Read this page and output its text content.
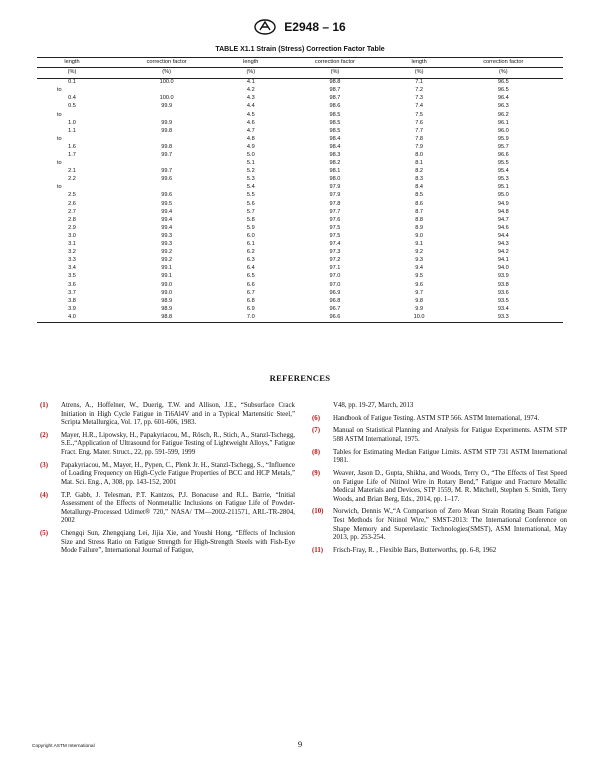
E2948 – 16
TABLE X1.1 Strain (Stress) Correction Factor Table
length	correction factor	length	correction factor	length	correction factor
(%)	(%)	(%)	(%)	(%)	(%)
0.1	100.0	4.1	98.8	7.1	96.5
to		4.2	98.7	7.2	96.5
0.4	100.0	4.3	98.7	7.3	96.4
0.5	99.9	4.4	98.6	7.4	96.3
to		4.5	98.5	7.5	96.2
1.0	99.9	4.6	98.5	7.6	96.1
1.1	99.8	4.7	98.5	7.7	96.0
to		4.8	98.4	7.8	95.9
1.6	99.8	4.9	98.4	7.9	95.7
1.7	99.7	5.0	98.3	8.0	96.6
to		5.1	98.2	8.1	95.5
2.1	99.7	5.2	98.1	8.2	95.4
2.2	99.6	5.3	98.0	8.3	95.3
to		5.4	97.9	8.4	95.1
2.5	99.6	5.5	97.9	8.5	95.0
2.6	99.5	5.6	97.8	8.6	94.9
2.7	99.4	5.7	97.7	8.7	94.8
2.8	99.4	5.8	97.6	8.8	94.7
2.9	99.4	5.9	97.5	8.9	94.6
3.0	99.3	6.0	97.5	9.0	94.4
3.1	99.3	6.1	97.4	9.1	94.3
3.2	99.2	6.2	97.3	9.2	94.2
3.3	99.2	6.3	97.2	9.3	94.1
3.4	99.1	6.4	97.1	9.4	94.0
3.5	99.1	6.5	97.0	9.5	93.9
3.6	99.0	6.6	97.0	9.6	93.8
3.7	99.0	6.7	96.9	9.7	93.6
3.8	98.9	6.8	96.8	9.8	93.5
3.9	98.9	6.9	96.7	9.9	93.4
4.0	98.8	7.0	96.6	10.0	93.3
REFERENCES
(1) Atrens, A., Hoffelner, W., Duerig, T.W. and Allison, J.E., “Subsurface Crack Initiation in High Cycle Fatigue in Ti6Al4V and in a Typical Martensitic Steel,” Scripta Metallurgica, Vol. 17, pp. 601-606, 1983.
(2) Mayer, H.R., Lipowsky, H., Papakyriacou, M., Rösch, R., Stich, A., Stanzl-Tschegg, S.E.,“Application of Ultrasound for Fatigue Testing of Lightweight Alloys,” Fatigue Fract. Eng. Mater. Struct., 22, pp. 591-599, 1999
(3) Papakyriacou, M., Mayer, H., Pypen, C., Plenk Jr. H., Stanzl-Tschegg, S., “Influence of Loading Frequency on High-Cycle Fatigue Properties of BCC and HCP Metals,” Mat. Sci. Eng., A, 308, pp. 143-152, 2001
(4) T.P. Gabb, J. Telesman, P.T. Kantzos, P.J. Bonacuse and R.L. Barrie, “Initial Assessment of the Effects of Nonmetallic Inclusions on Fatigue Life of Powder-Metallurgy-Processed Udimet® 720,” NASA/ TM—2002-211571, ARL-TR-2804, 2002
(5) Chengqi Sun, Zhengqiang Lei, Jijia Xie, and Youshi Hong, “Effects of Inclusion Size and Stress Ratio on Fatigue Strength for High-Strength Steels with Fish-Eye Mode Failure”, International Journal of Fatigue,
V48, pp. 19-27, March, 2013
(6) Handbook of Fatigue Testing. ASTM STP 566. ASTM International, 1974.
(7) Manual on Statistical Planning and Analysis for Fatigue Experiments. ASTM STP 588 ASTM International, 1975.
(8) Tables for Estimating Median Fatigue Limits. ASTM STP 731 ASTM International 1981.
(9) Weaver, Jason D., Gupta, Shikha, and Woods, Terry O., “The Effects of Test Speed on Fatigue Life of Nitinol Wire in Rotary Bend,” Fatigue and Fracture Metallic Medical Materials and Devices, STP 1559, M. R. Mitchell, Stephen S. Smith, Terry Woods, and Brian Berg, Eds., 2014, pp. 1–17.
(10) Norwich, Dennis W.,“A Comparison of Zero Mean Strain Rotating Beam Fatigue Test Methods for Nitinol Wire,” SMST-2013: The International Conference on Shape Memory and Superelastic Technologies(SMST), ASM International, May 2013, pp. 253-254.
(11) Frisch-Fray, R. , Flexible Bars, Butterworths, pp. 6-8, 1962
Copyright ASTM International	9
